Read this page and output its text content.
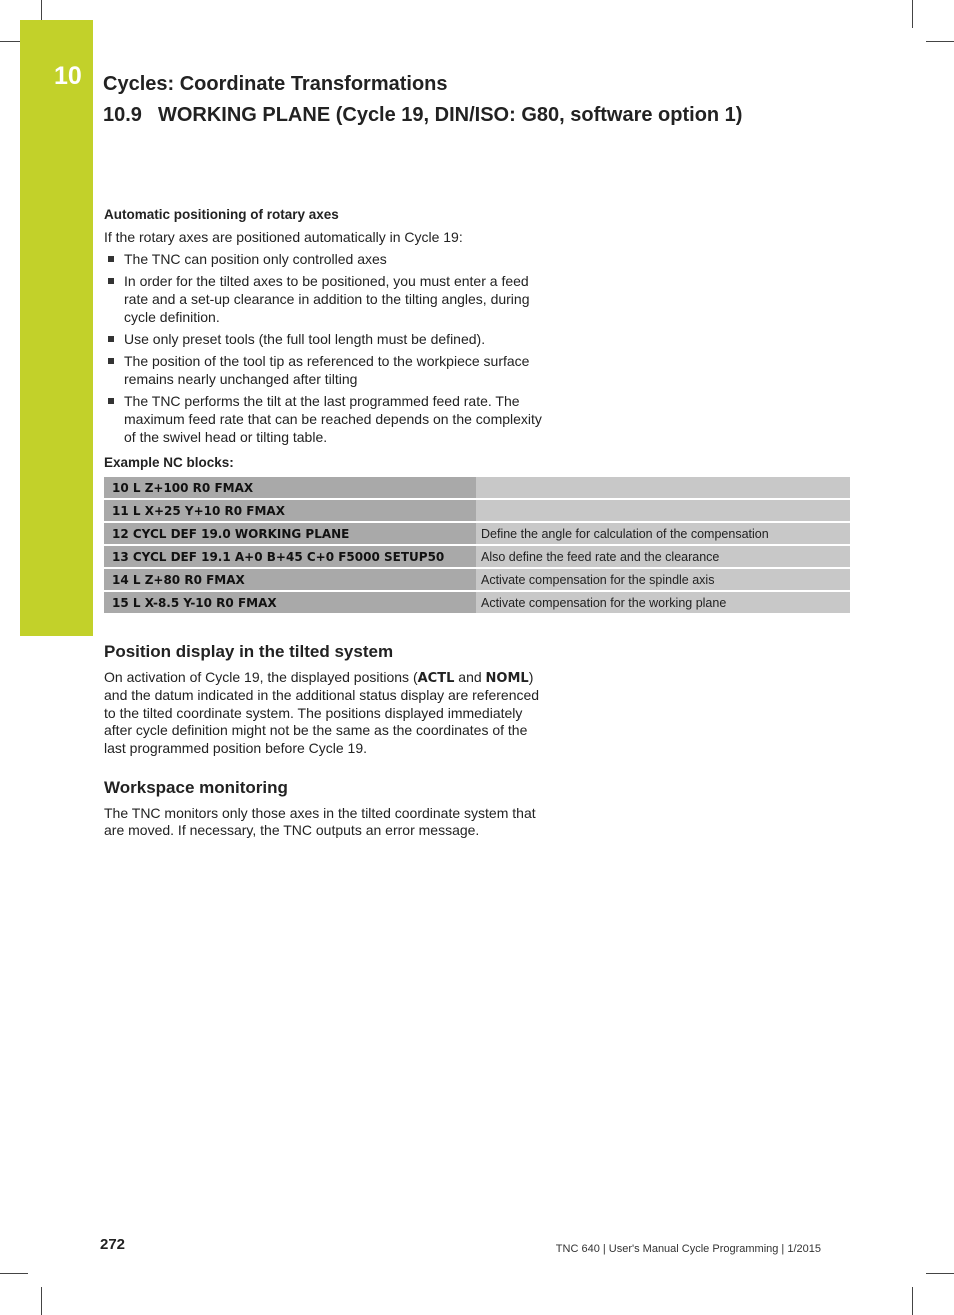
10 Cycles: Coordinate Transformations
10.9 WORKING PLANE (Cycle 19, DIN/ISO: G80, software option 1)

Automatic positioning of rotary axes

If the rotary axes are positioned automatically in Cycle 19:

The TNC can position only controlled axes
In order for the tilted axes to be positioned, you must enter a feed rate and a set-up clearance in addition to the tilting angles, during cycle definition.
Use only preset tools (the full tool length must be defined).
The position of the tool tip as referenced to the workpiece surface remains nearly unchanged after tilting
The TNC performs the tilt at the last programmed feed rate. The maximum feed rate that can be reached depends on the complexity of the swivel head or tilting table.

Example NC blocks:

10 L Z+100 R0 FMAX	
11 L X+25 Y+10 R0 FMAX	
12 CYCL DEF 19.0 WORKING PLANE	Define the angle for calculation of the compensation
13 CYCL DEF 19.1 A+0 B+45 C+0 F5000 SETUP50	Also define the feed rate and the clearance
14 L Z+80 R0 FMAX	Activate compensation for the spindle axis
15 L X-8.5 Y-10 R0 FMAX	Activate compensation for the working plane
Position display in the tilted system

On activation of Cycle 19, the displayed positions (ACTL and NOML) and the datum indicated in the additional status display are referenced to the tilted coordinate system. The positions displayed immediately after cycle definition might not be the same as the coordinates of the last programmed position before Cycle 19.

Workspace monitoring

The TNC monitors only those axes in the tilted coordinate system that are moved. If necessary, the TNC outputs an error message.

272	TNC 640 | User's Manual Cycle Programming | 1/2015
